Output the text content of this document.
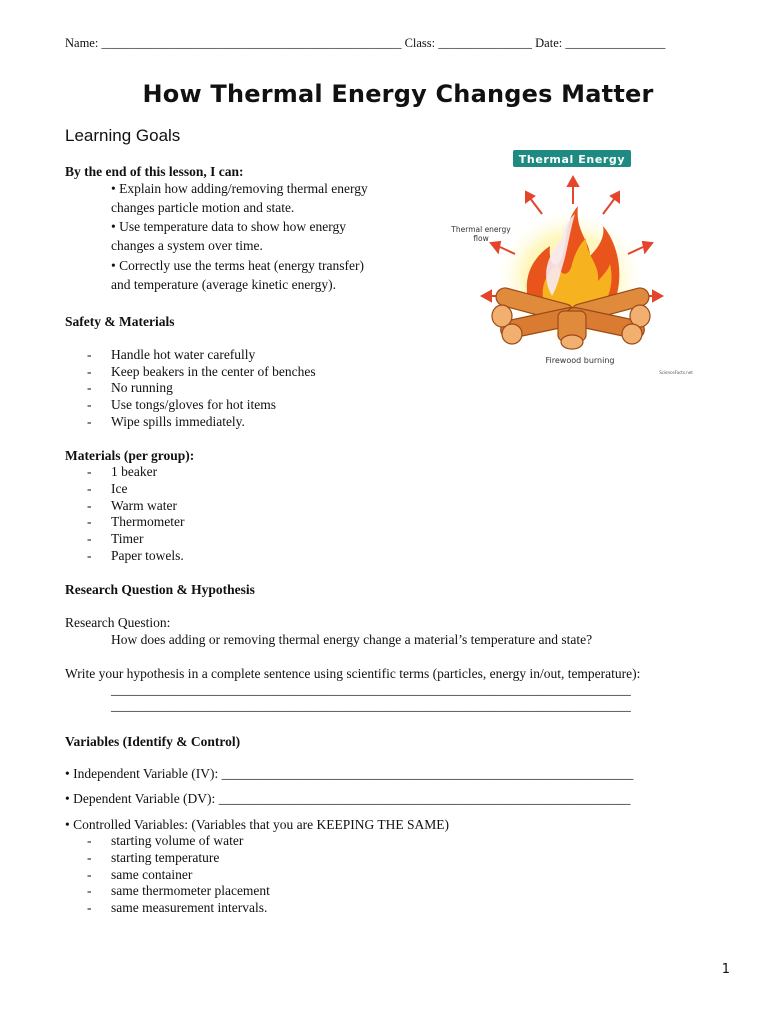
Name: ________________________________________________ Class: _______________ Date: ________________
How Thermal Energy Changes Matter
Learning Goals
By the end of this lesson, I can:
• Explain how adding/removing thermal energy
changes particle motion and state.
• Use temperature data to show how energy
changes a system over time.
• Correctly use the terms heat (energy transfer)
and temperature (average kinetic energy).
Thermal Energy
Thermal energy
flow
Firewood burning
ScienceFacts.net
Safety & Materials
- Handle hot water carefully
- Keep beakers in the center of benches
- No running
- Use tongs/gloves for hot items
- Wipe spills immediately.
Materials (per group):
- 1 beaker
- Ice
- Warm water
- Thermometer
- Timer
- Paper towels.
Research Question & Hypothesis
Research Question:
How does adding or removing thermal energy change a material’s temperature and state?
Write your hypothesis in a complete sentence using scientific terms (particles, energy in/out, temperature):
_____________________________________________________________________________
_____________________________________________________________________________
Variables (Identify & Control)
• Independent Variable (IV): _____________________________________________________________
• Dependent Variable (DV): _____________________________________________________________
• Controlled Variables: (Variables that you are KEEPING THE SAME)
- starting volume of water
- starting temperature
- same container
- same thermometer placement
- same measurement intervals.
1
